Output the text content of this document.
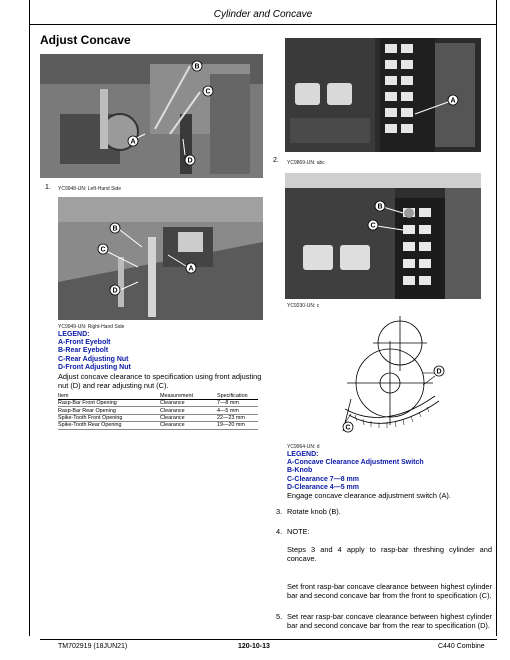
Cylinder and Concave
Adjust Concave
B
C
A
D
1. YC9948-UN: Left-Hand Side
A
2. YC9869-UN: abc
B
C
A
D
YC9949-UN: Right-Hand Side
LEGEND:
A-Front Eyebolt
B-Rear Eyebolt
C-Rear Adjusting Nut
D-Front Adjusting Nut
Adjust concave clearance to specification using front adjusting nut (D) and rear adjusting nut (C).
Item	Measurement	Specification
Rasp-Bar Front Opening	Clearance	7—8 mm
Rasp-Bar Rear Opening	Clearance	4—5 mm
Spike-Tooth Front Opening	Clearance	22—23 mm
Spike-Tooth Rear Opening	Clearance	19—20 mm
B
C
YC9230-UN: c
D
C
YC9964-UN: d
LEGEND:
A-Concave Clearance Adjustment Switch
B-Knob
C-Clearance 7—8 mm
D-Clearance 4—5 mm
Engage concave clearance adjustment switch (A).
3. Rotate knob (B).
4. NOTE:
Steps 3 and 4 apply to rasp-bar threshing cylinder and concave.
Set front rasp-bar concave clearance between highest cylinder bar and second concave bar from the front to specification (C).
5. Set rear rasp-bar concave clearance between highest cylinder bar and second concave bar from the rear to specification (D).
TM702919 (18JUN21)	120-10-13	C440 Combine
